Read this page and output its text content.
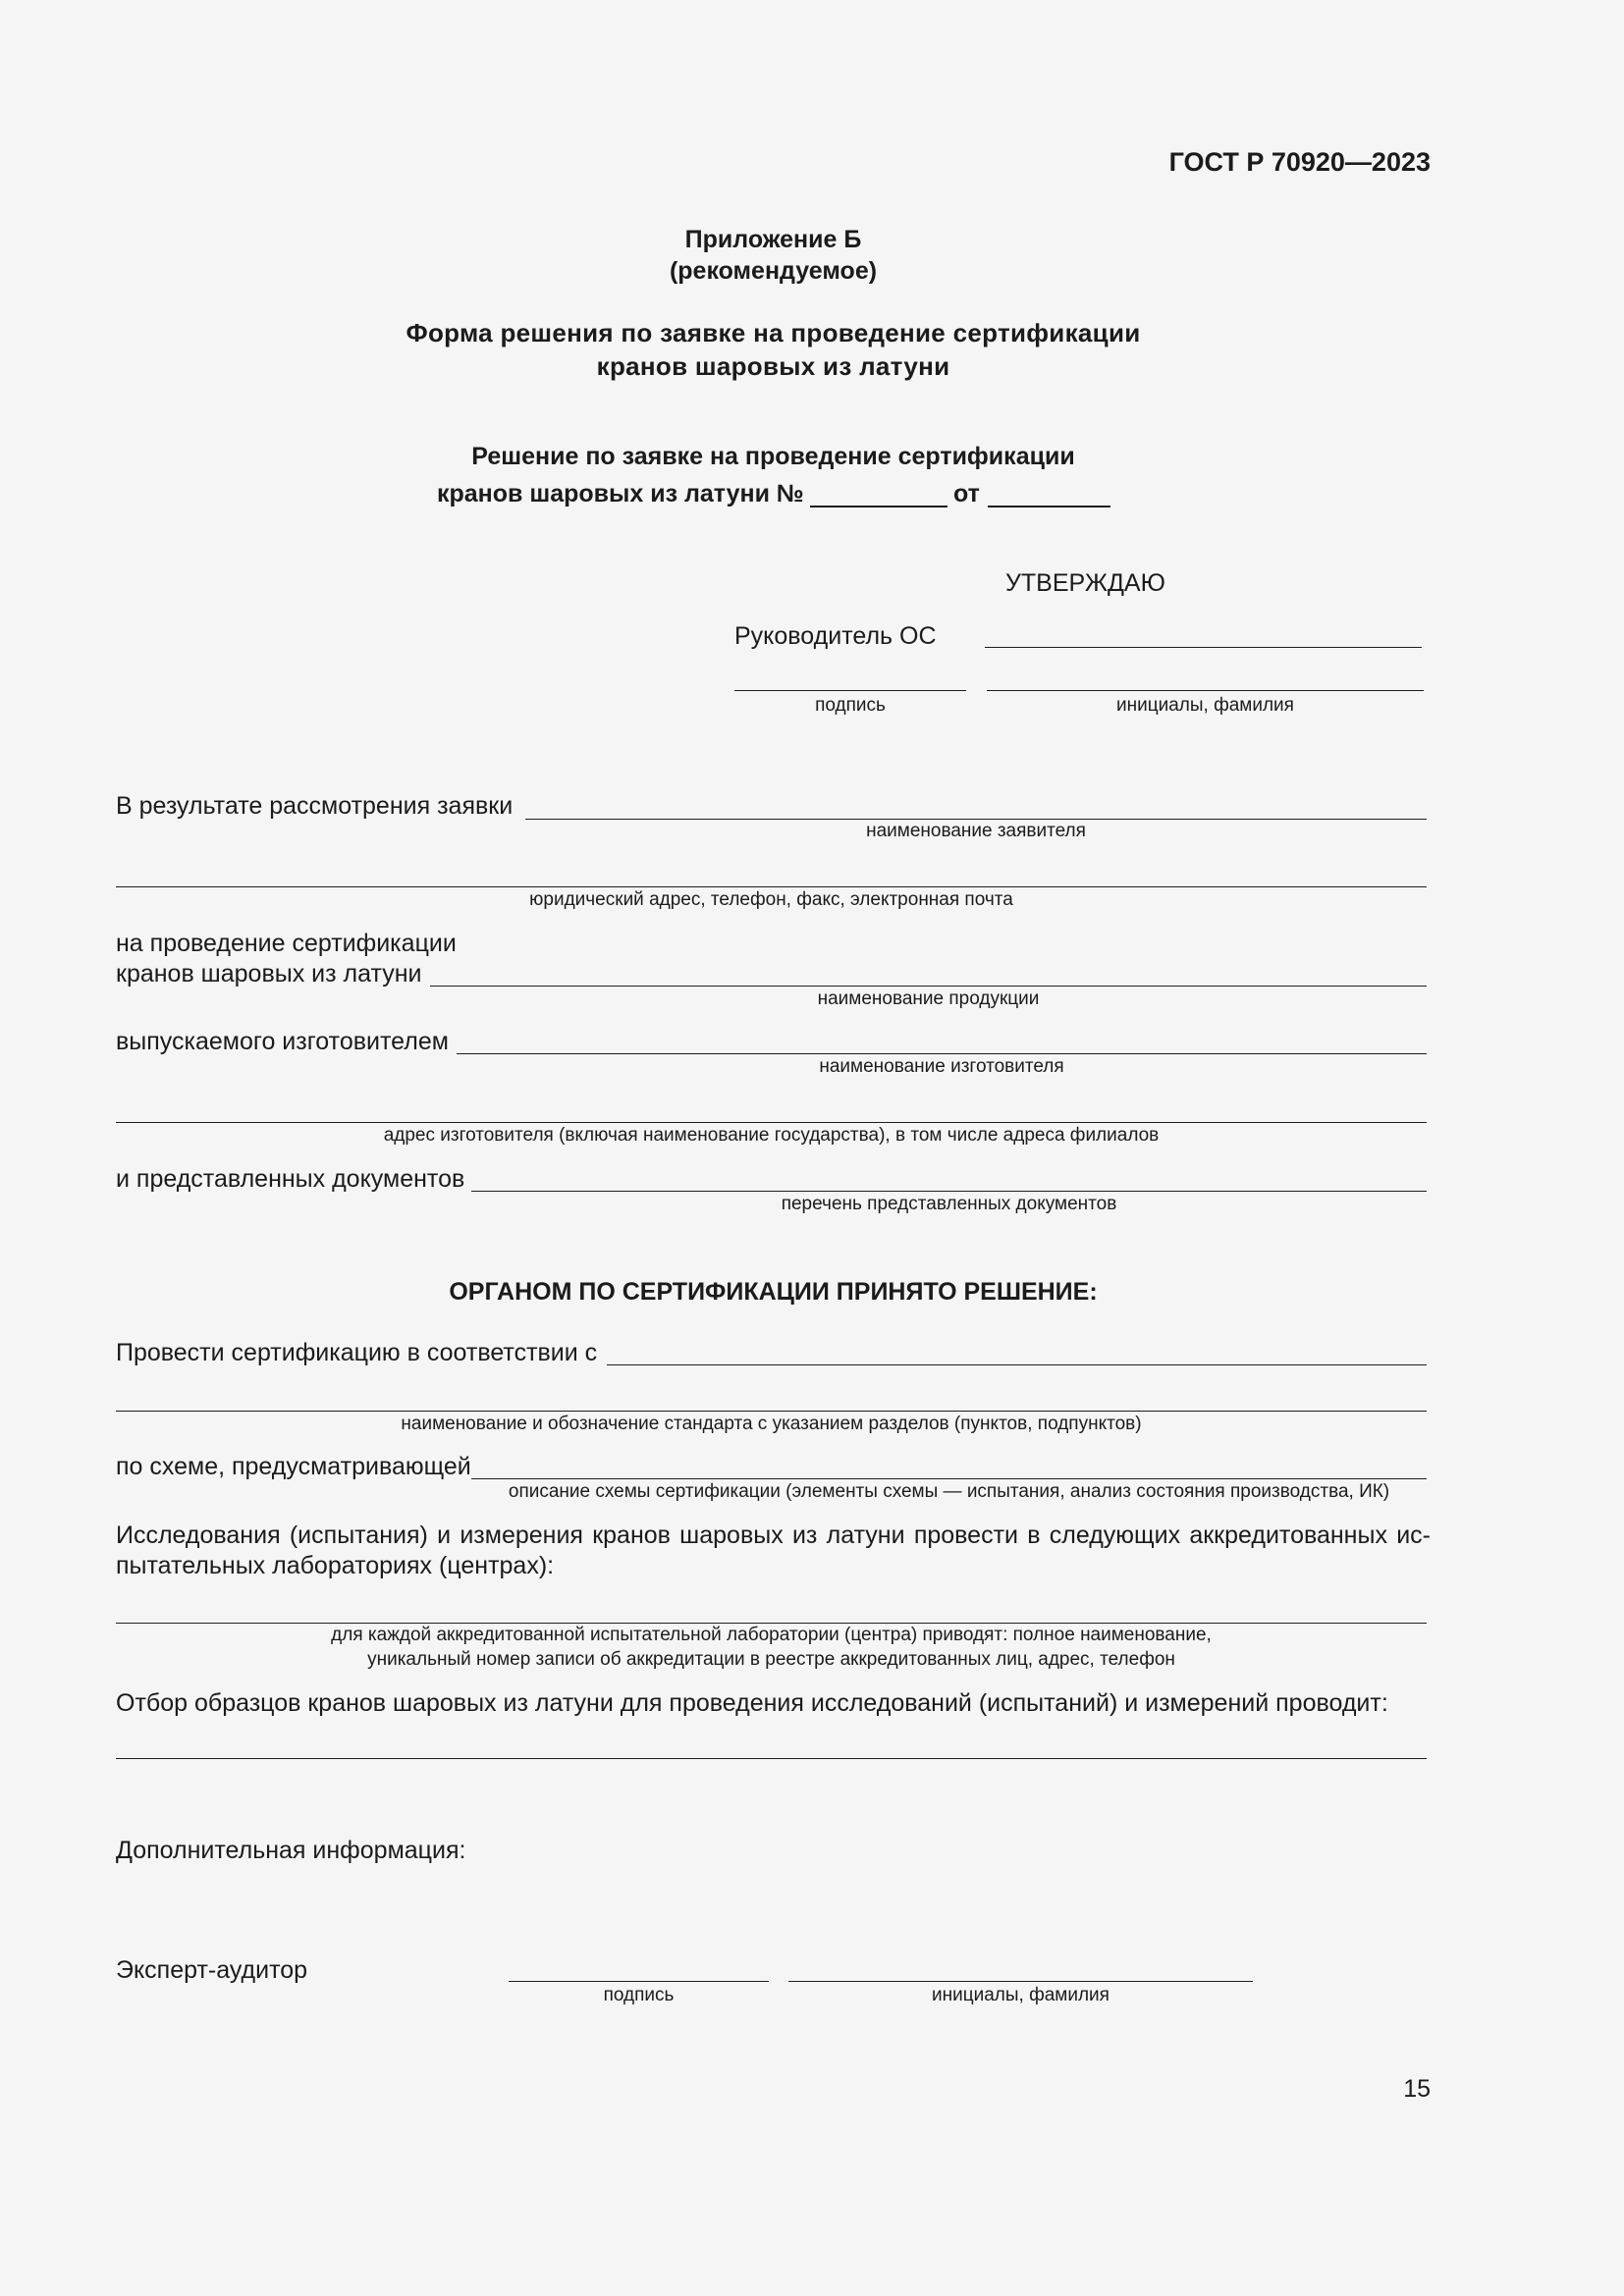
ГОСТ Р 70920—2023
Приложение Б
(рекомендуемое)
Форма решения по заявке на проведение сертификации
кранов шаровых из латуни
Решение по заявке на проведение сертификации
кранов шаровых из латуни №	от
УТВЕРЖДАЮ
Руководитель ОС
подпись	инициалы, фамилия
В результате рассмотрения заявки
наименование заявителя
юридический адрес, телефон, факс, электронная почта
на проведение сертификации
кранов шаровых из латуни
наименование продукции
выпускаемого изготовителем
наименование изготовителя
адрес изготовителя (включая наименование государства), в том числе адреса филиалов
и представленных документов
перечень представленных документов
ОРГАНОМ ПО СЕРТИФИКАЦИИ ПРИНЯТО РЕШЕНИЕ:
Провести сертификацию в соответствии с
наименование и обозначение стандарта с указанием разделов (пунктов, подпунктов)
по схеме, предусматривающей
описание схемы сертификации (элементы схемы — испытания, анализ состояния производства, ИК)
Исследования (испытания) и измерения кранов шаровых из латуни провести в следующих аккредитованных ис-пытательных лабораториях (центрах):
для каждой аккредитованной испытательной лаборатории (центра) приводят: полное наименование,
уникальный номер записи об аккредитации в реестре аккредитованных лиц, адрес, телефон
Отбор образцов кранов шаровых из латуни для проведения исследований (испытаний) и измерений проводит:
Дополнительная информация:
Эксперт-аудитор
подпись	инициалы, фамилия
15
